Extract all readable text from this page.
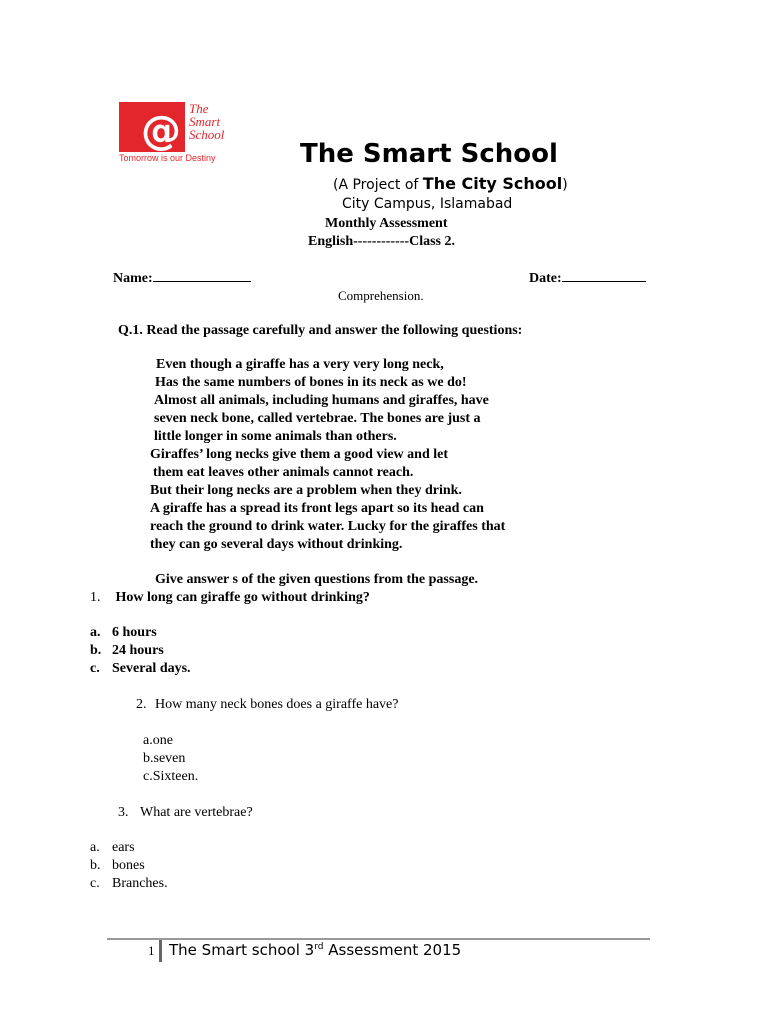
@ The Smart School
Tomorrow is our Destiny	The Smart School
(A Project of The City School)
City Campus, Islamabad
Monthly Assessment
English------------Class 2.
Name:	Date:
Comprehension.
Q.1. Read the passage carefully and answer the following questions:
Even though a giraffe has a very very long neck,
Has the same numbers of bones in its neck as we do!
Almost all animals, including humans and giraffes, have
seven neck bone, called vertebrae. The bones are just a
little longer in some animals than others.
Giraffes’ long necks give them a good view and let
them eat leaves other animals cannot reach.
But their long necks are a problem when they drink.
A giraffe has a spread its front legs apart so its head can
reach the ground to drink water. Lucky for the giraffes that
they can go several days without drinking.
Give answer s of the given questions from the passage.
1. How long can giraffe go without drinking?
a. 6 hours
b. 24 hours
c. Several days.
2. How many neck bones does a giraffe have?
a.one
b.seven
c.Sixteen.
3. What are vertebrae?
a. ears
b. bones
c. Branches.
1 The Smart school 3rd Assessment 2015
